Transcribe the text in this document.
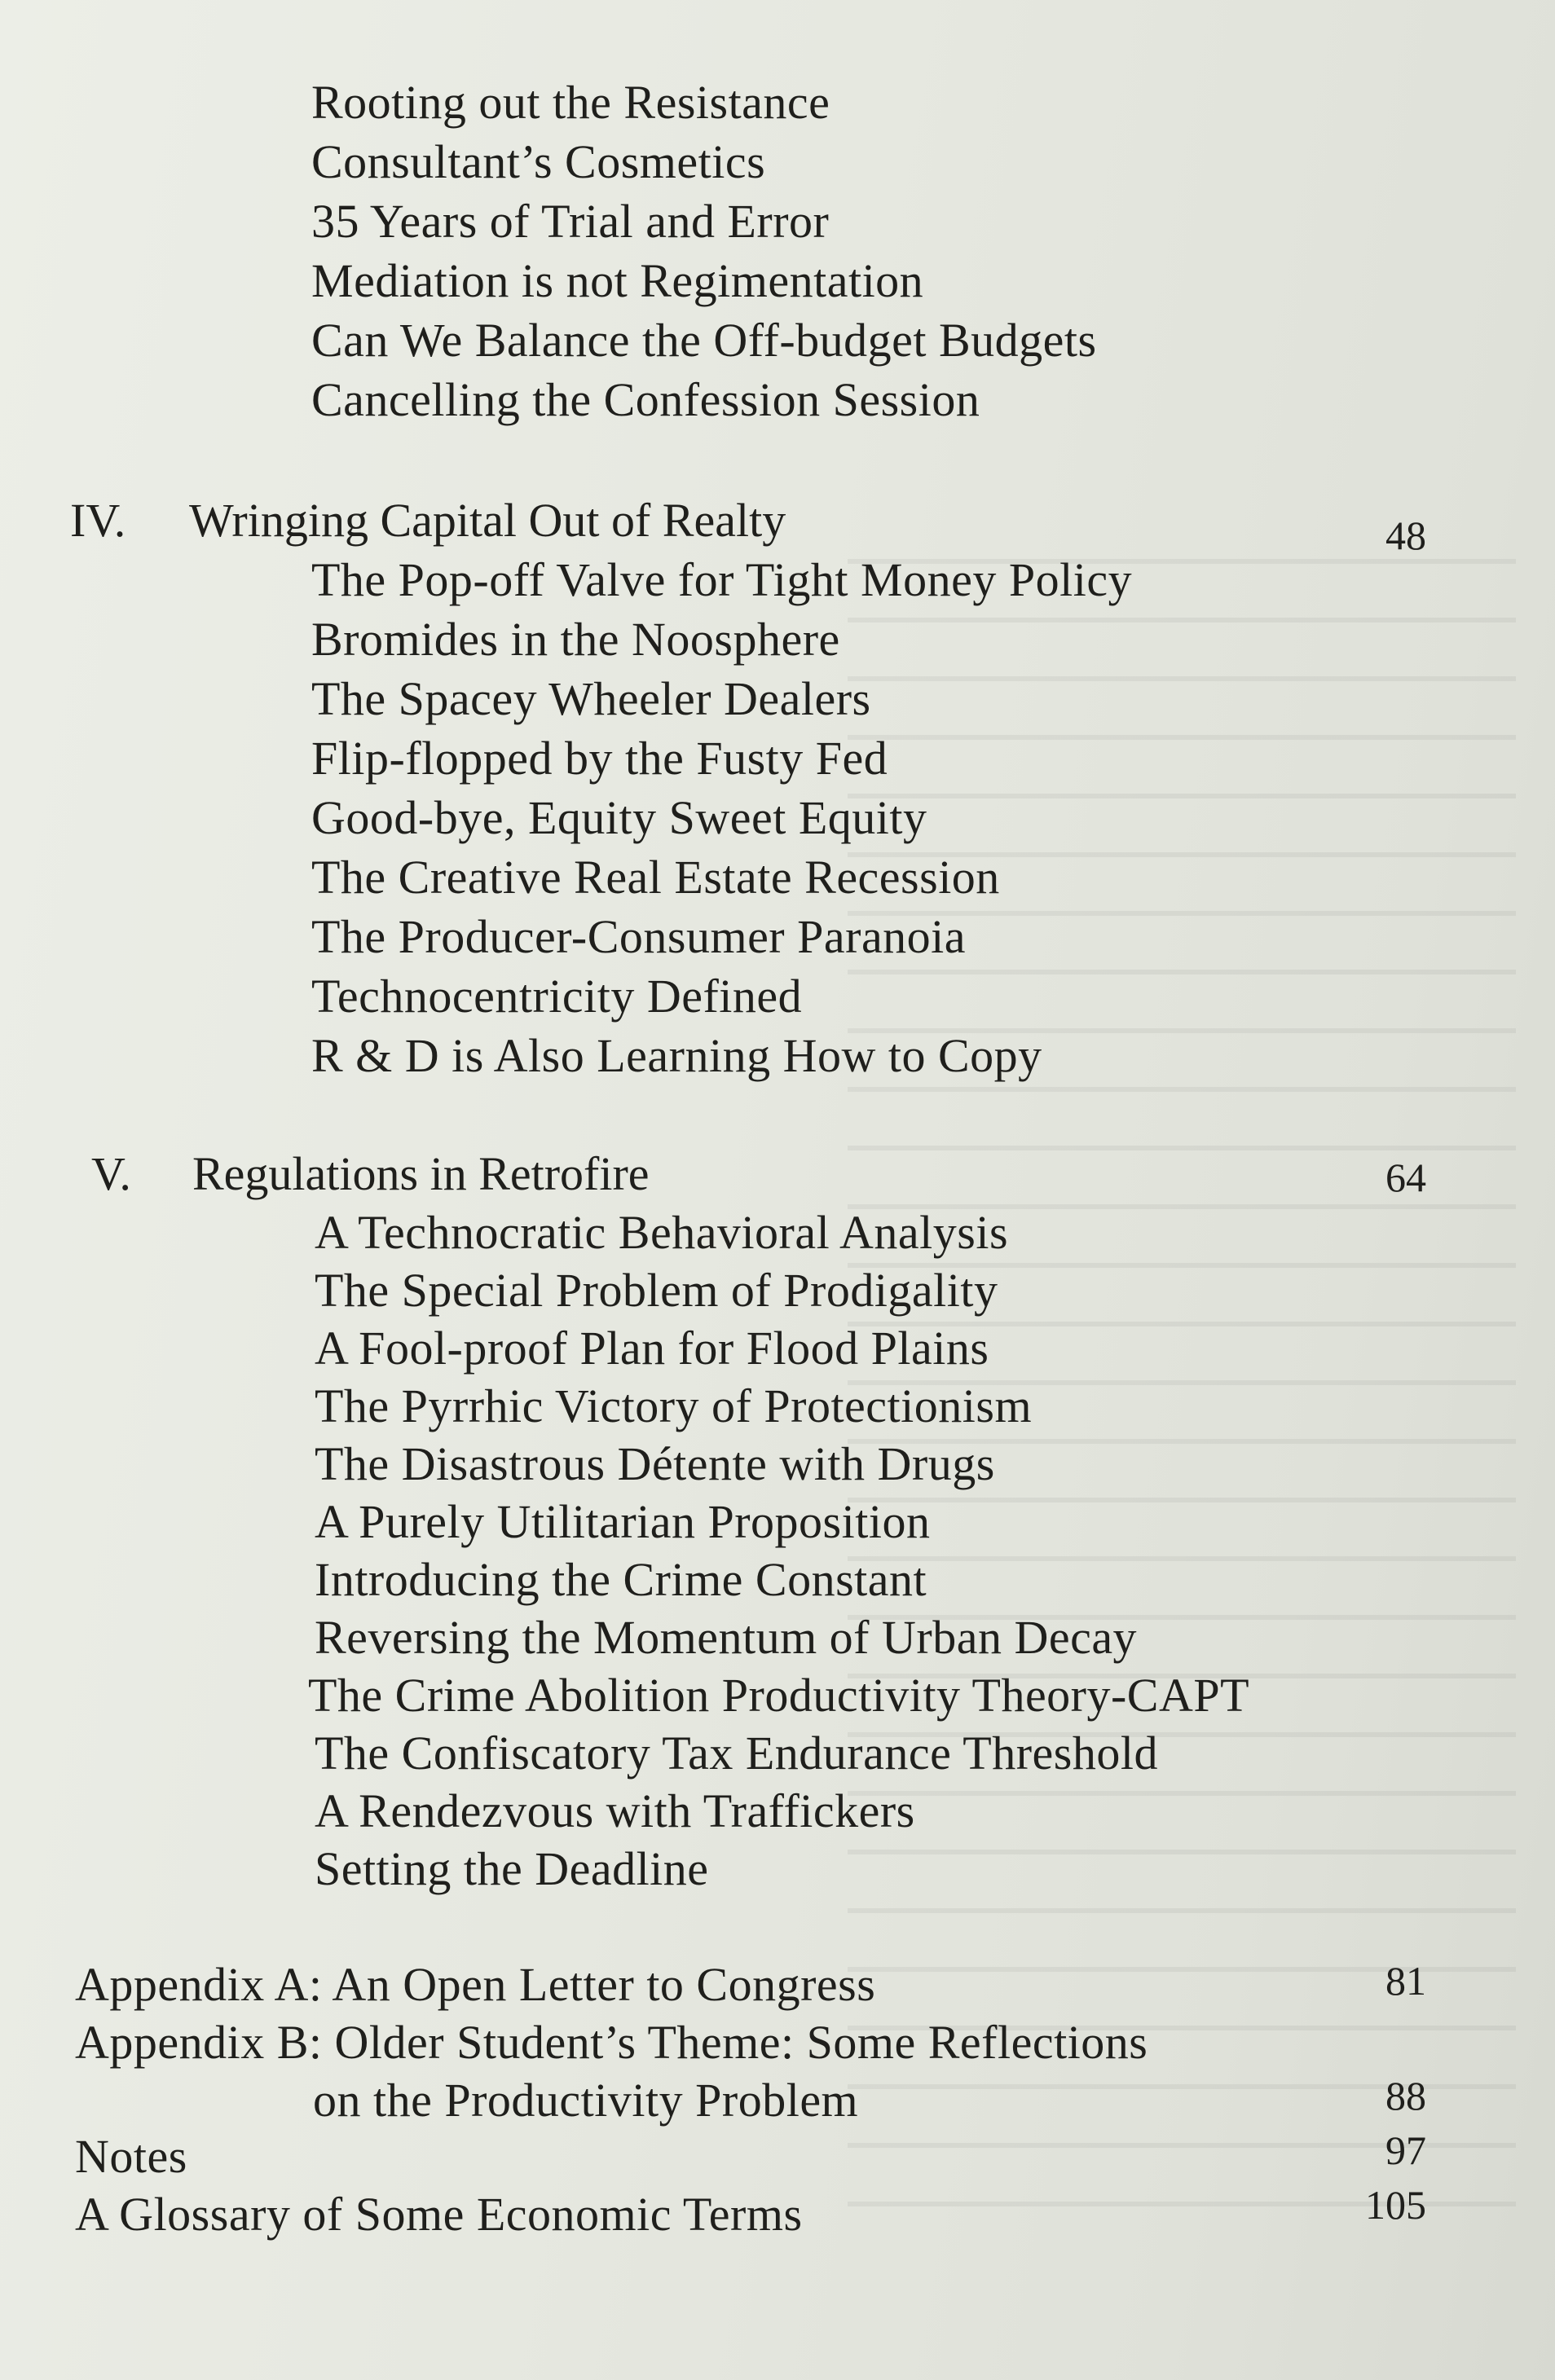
Rooting out the Resistance
Consultant’s Cosmetics
35 Years of Trial and Error
Mediation is not Regimentation
Can We Balance the Off-budget Budgets
Cancelling the Confession Session
IV. Wringing Capital Out of Realty	48
The Pop-off Valve for Tight Money Policy
Bromides in the Noosphere
The Spacey Wheeler Dealers
Flip-flopped by the Fusty Fed
Good-bye, Equity Sweet Equity
The Creative Real Estate Recession
The Producer-Consumer Paranoia
Technocentricity Defined
R & D is Also Learning How to Copy
V. Regulations in Retrofire	64
A Technocratic Behavioral Analysis
The Special Problem of Prodigality
A Fool-proof Plan for Flood Plains
The Pyrrhic Victory of Protectionism
The Disastrous Détente with Drugs
A Purely Utilitarian Proposition
Introducing the Crime Constant
Reversing the Momentum of Urban Decay
The Crime Abolition Productivity Theory-CAPT
The Confiscatory Tax Endurance Threshold
A Rendezvous with Traffickers
Setting the Deadline
Appendix A: An Open Letter to Congress	81
Appendix B: Older Student’s Theme: Some Reflections
on the Productivity Problem	88
Notes	97
A Glossary of Some Economic Terms	105
